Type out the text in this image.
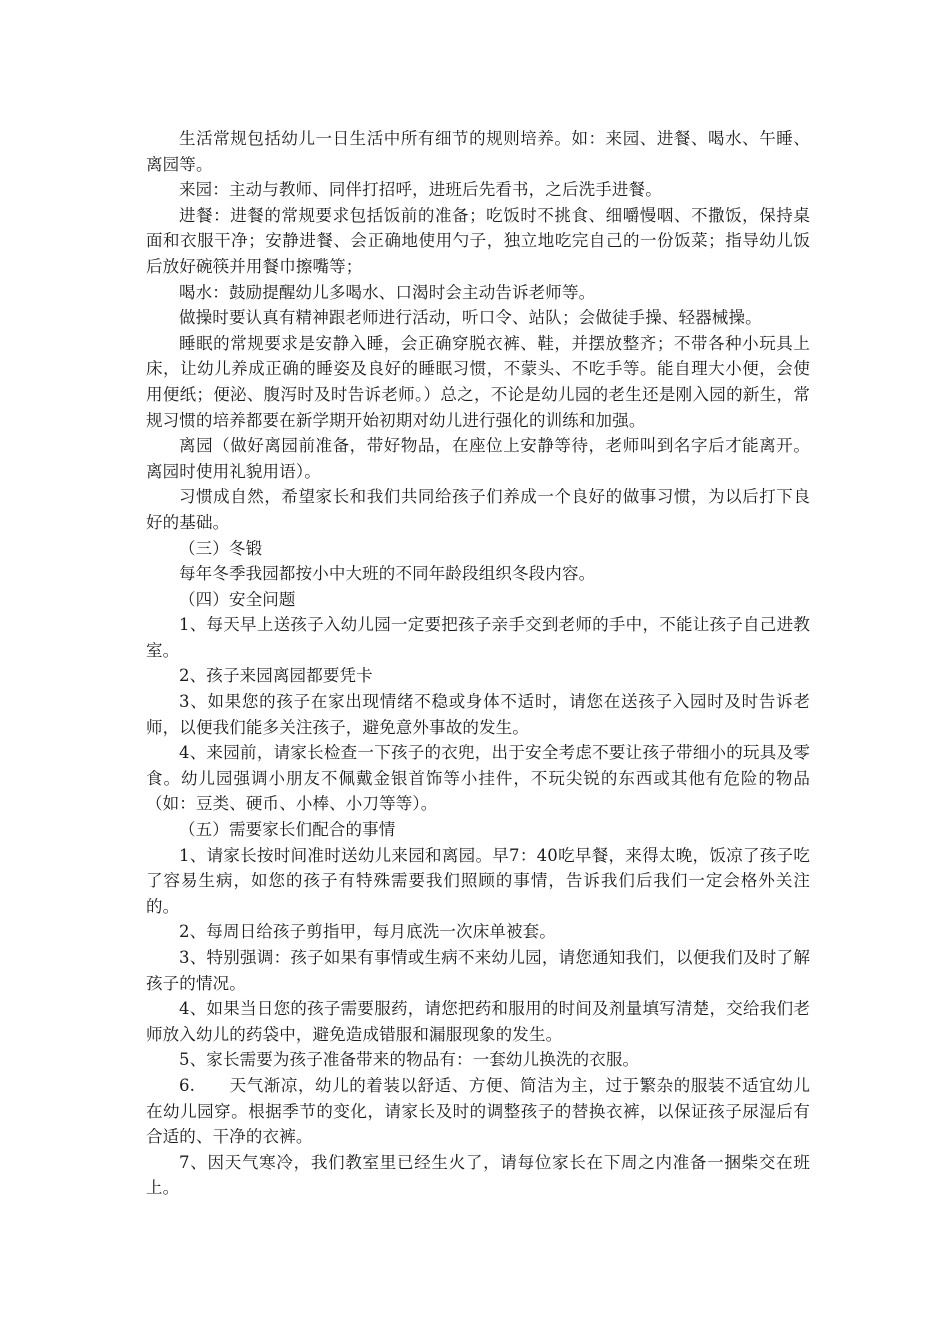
生活常规包括幼儿一日生活中所有细节的规则培养。如：来园、进餐、喝水、午睡、离园等。

来园：主动与教师、同伴打招呼，进班后先看书，之后洗手进餐。

进餐：进餐的常规要求包括饭前的准备；吃饭时不挑食、细嚼慢咽、不撒饭，保持桌面和衣服干净；安静进餐、会正确地使用勺子，独立地吃完自己的一份饭菜；指导幼儿饭后放好碗筷并用餐巾擦嘴等；

喝水：鼓励提醒幼儿多喝水、口渴时会主动告诉老师等。

做操时要认真有精神跟老师进行活动，听口令、站队；会做徒手操、轻器械操。

睡眠的常规要求是安静入睡，会正确穿脱衣裤、鞋，并摆放整齐；不带各种小玩具上床，让幼儿养成正确的睡姿及良好的睡眠习惯，不蒙头、不吃手等。能自理大小便，会使用便纸；便泌、腹泻时及时告诉老师。）总之，不论是幼儿园的老生还是刚入园的新生，常规习惯的培养都要在新学期开始初期对幼儿进行强化的训练和加强。

离园（做好离园前准备，带好物品，在座位上安静等待，老师叫到名字后才能离开。离园时使用礼貌用语）。

习惯成自然，希望家长和我们共同给孩子们养成一个良好的做事习惯，为以后打下良好的基础。

（三）冬锻

每年冬季我园都按小中大班的不同年龄段组织冬段内容。

（四）安全问题

1、每天早上送孩子入幼儿园一定要把孩子亲手交到老师的手中，不能让孩子自己进教室。

2、孩子来园离园都要凭卡

3、如果您的孩子在家出现情绪不稳或身体不适时，请您在送孩子入园时及时告诉老师，以便我们能多关注孩子，避免意外事故的发生。

4、来园前，请家长检查一下孩子的衣兜，出于安全考虑不要让孩子带细小的玩具及零食。幼儿园强调小朋友不佩戴金银首饰等小挂件，不玩尖锐的东西或其他有危险的物品（如：豆类、硬币、小棒、小刀等等）。

（五）需要家长们配合的事情

1、请家长按时间准时送幼儿来园和离园。早7：40吃早餐，来得太晚，饭凉了孩子吃了容易生病，如您的孩子有特殊需要我们照顾的事情，告诉我们后我们一定会格外关注的。

2、每周日给孩子剪指甲，每月底洗一次床单被套。

3、特别强调：孩子如果有事情或生病不来幼儿园，请您通知我们，以便我们及时了解孩子的情况。

4、如果当日您的孩子需要服药，请您把药和服用的时间及剂量填写清楚，交给我们老师放入幼儿的药袋中，避免造成错服和漏服现象的发生。

5、家长需要为孩子准备带来的物品有：一套幼儿换洗的衣服。

6.　　天气渐凉，幼儿的着装以舒适、方便、简洁为主，过于繁杂的服装不适宜幼儿在幼儿园穿。根据季节的变化，请家长及时的调整孩子的替换衣裤，以保证孩子尿湿后有合适的、干净的衣裤。

7、因天气寒冷，我们教室里已经生火了，请每位家长在下周之内准备一捆柴交在班上。
